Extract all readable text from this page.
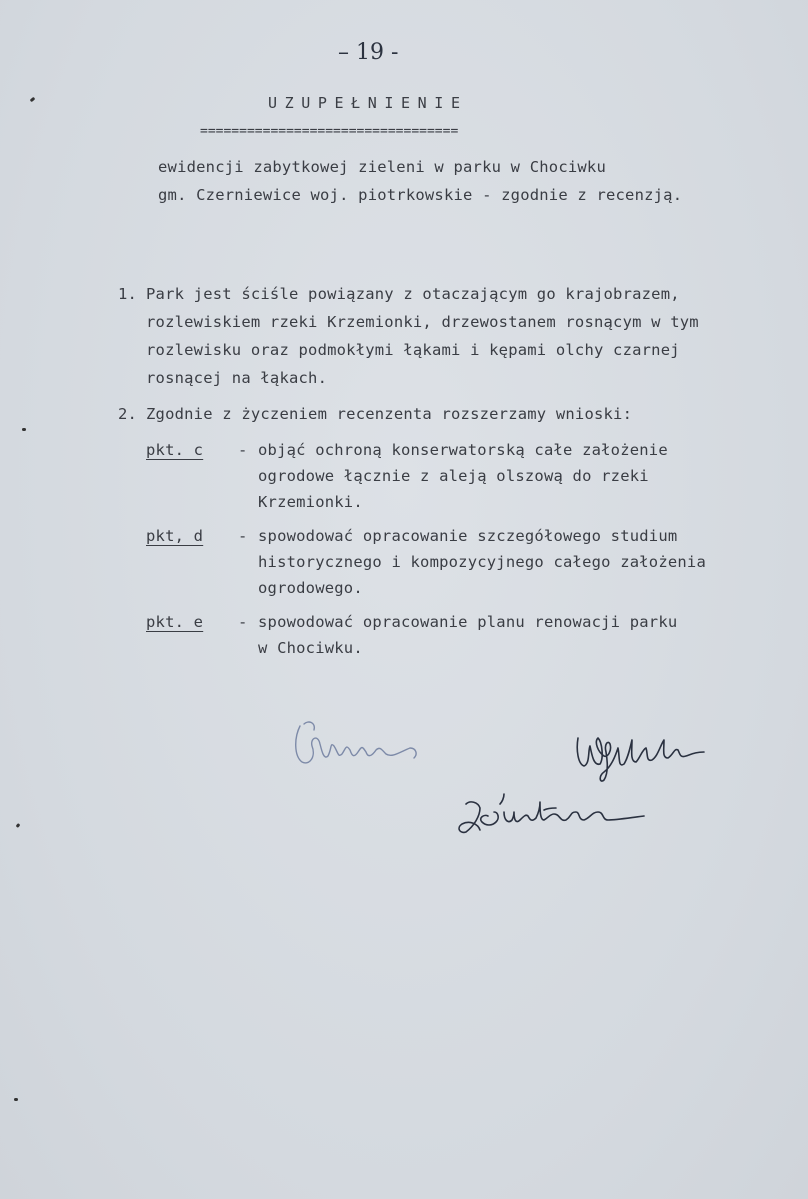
– 19 -
UZUPEŁNIENIE
=================================
ewidencji zabytkowej zieleni w parku w Chociwku
gm. Czerniewice woj. piotrkowskie - zgodnie z recenzją.
1. Park jest ściśle powiązany z otaczającym go krajobrazem,
rozlewiskiem rzeki Krzemionki, drzewostanem rosnącym w tym
rozlewisku oraz podmokłymi łąkami i kępami olchy czarnej
rosnącej na łąkach.
2. Zgodnie z życzeniem recenzenta rozszerzamy wnioski:
pkt. c - objąć ochroną konserwatorską całe założenie
ogrodowe łącznie z aleją olszową do rzeki
Krzemionki.
pkt, d - spowodować opracowanie szczegółowego studium
historycznego i kompozycyjnego całego założenia
ogrodowego.
pkt. e - spowodować opracowanie planu renowacji parku
w Chociwku.
